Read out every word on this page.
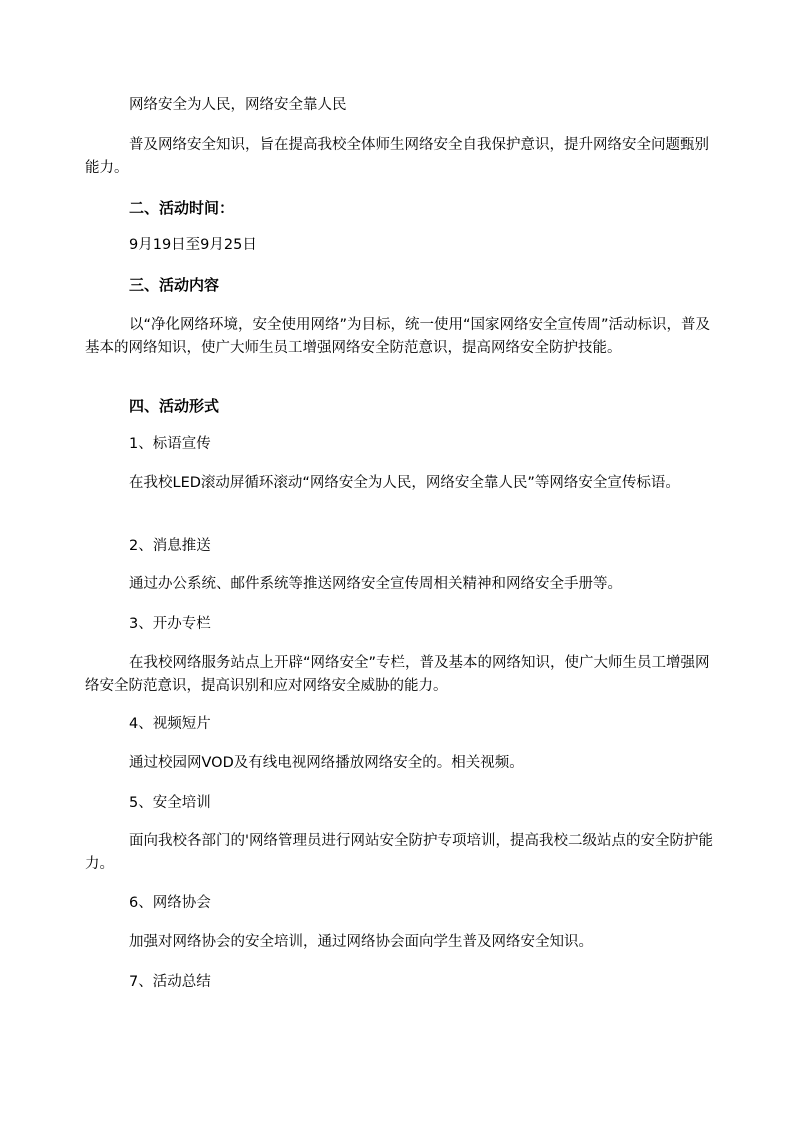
网络安全为人民，网络安全靠人民

普及网络安全知识，旨在提高我校全体师生网络安全自我保护意识，提升网络安全问题甄别能力。

二、活动时间：

9月19日至9月25日

三、活动内容

以“净化网络环境，安全使用网络”为目标，统一使用“国家网络安全宣传周”活动标识，普及基本的网络知识，使广大师生员工增强网络安全防范意识，提高网络安全防护技能。

四、活动形式

1、标语宣传

在我校LED滚动屏循环滚动“网络安全为人民，网络安全靠人民”等网络安全宣传标语。

2、消息推送

通过办公系统、邮件系统等推送网络安全宣传周相关精神和网络安全手册等。

3、开办专栏

在我校网络服务站点上开辟“网络安全”专栏，普及基本的网络知识，使广大师生员工增强网络安全防范意识，提高识别和应对网络安全威胁的能力。

4、视频短片

通过校园网VOD及有线电视网络播放网络安全的。相关视频。

5、安全培训

面向我校各部门的'网络管理员进行网站安全防护专项培训，提高我校二级站点的安全防护能力。

6、网络协会

加强对网络协会的安全培训，通过网络协会面向学生普及网络安全知识。

7、活动总结
